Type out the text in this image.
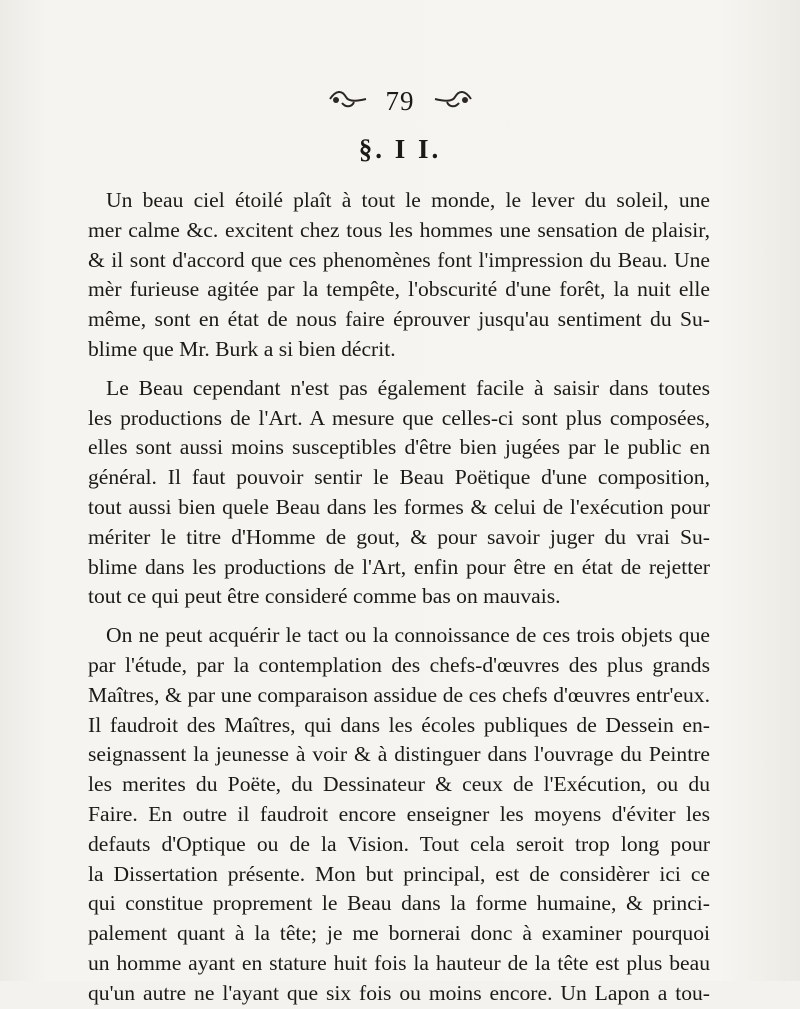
79
§. I I.
Un beau ciel étoilé plaît à tout le monde, le lever du soleil, une
mer calme &c. excitent chez tous les hommes une sensation de plaisir,
& il sont d'accord que ces phenomènes font l'impression du Beau. Une
mèr furieuse agitée par la tempête, l'obscurité d'une forêt, la nuit elle
même, sont en état de nous faire éprouver jusqu'au sentiment du Su-
blime que Mr. Burk a si bien décrit.
Le Beau cependant n'est pas également facile à saisir dans toutes
les productions de l'Art. A mesure que celles-ci sont plus composées,
elles sont aussi moins susceptibles d'être bien jugées par le public en
général. Il faut pouvoir sentir le Beau Poëtique d'une composition,
tout aussi bien quele Beau dans les formes & celui de l'exécution pour
mériter le titre d'Homme de gout, & pour savoir juger du vrai Su-
blime dans les productions de l'Art, enfin pour être en état de rejetter
tout ce qui peut être consideré comme bas on mauvais.
On ne peut acquérir le tact ou la connoissance de ces trois objets que
par l'étude, par la contemplation des chefs-d'œuvres des plus grands
Maîtres, & par une comparaison assidue de ces chefs d'œuvres entr'eux.
Il faudroit des Maîtres, qui dans les écoles publiques de Dessein en-
seignassent la jeunesse à voir & à distinguer dans l'ouvrage du Peintre
les merites du Poëte, du Dessinateur & ceux de l'Exécution, ou du
Faire. En outre il faudroit encore enseigner les moyens d'éviter les
defauts d'Optique ou de la Vision. Tout cela seroit trop long pour
la Dissertation présente. Mon but principal, est de considèrer ici ce
qui constitue proprement le Beau dans la forme humaine, & princi-
palement quant à la tête; je me bornerai donc à examiner pourquoi
un homme ayant en stature huit fois la hauteur de la tête est plus beau
qu'un autre ne l'ayant que six fois ou moins encore. Un Lapon a tou-
